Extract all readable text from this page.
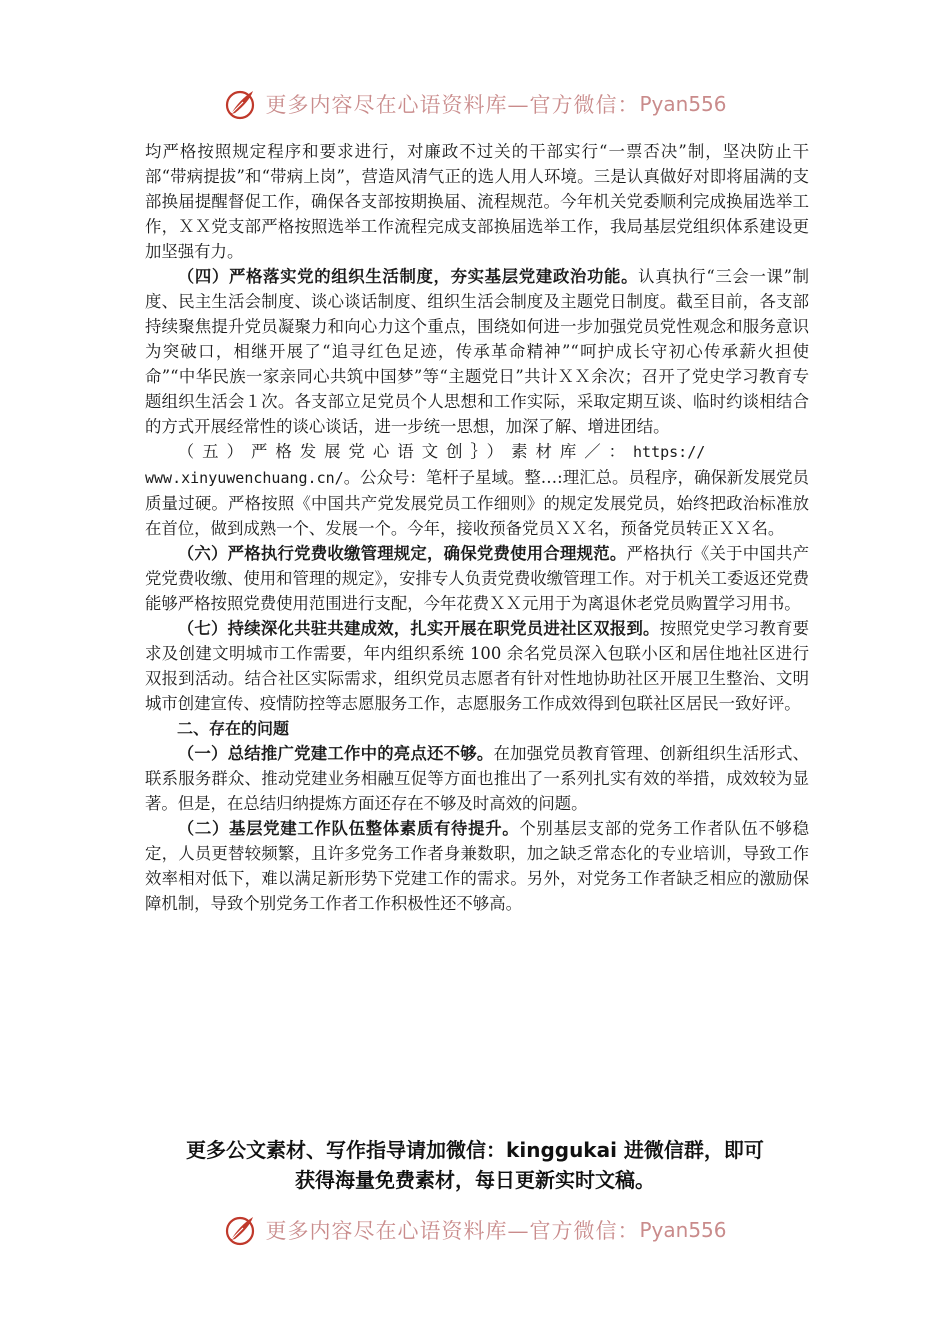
更多内容尽在心语资料库—官方微信： Pyan556

均严格按照规定程序和要求进行，对廉政不过关的干部实行“一票否决”制，坚决防止干部“带病提拔”和“带病上岗”，营造风清气正的选人用人环境。三是认真做好对即将届满的支部换届提醒督促工作，确保各支部按期换届、流程规范。今年机关党委顺利完成换届选举工作，ＸＸ党支部严格按照选举工作流程完成支部换届选举工作，我局基层党组织体系建设更加坚强有力。

（四）严格落实党的组织生活制度，夯实基层党建政治功能。认真执行“三会一课”制度、民主生活会制度、谈心谈话制度、组织生活会制度及主题党日制度。截至目前，各支部持续聚焦提升党员凝聚力和向心力这个重点，围绕如何进一步加强党员党性观念和服务意识为突破口，相继开展了“追寻红色足迹，传承革命精神”“呵护成长守初心传承薪火担使命”“中华民族一家亲同心共筑中国梦”等“主题党日”共计ＸＸ余次；召开了党史学习教育专题组织生活会１次。各支部立足党员个人思想和工作实际，采取定期互谈、临时约谈相结合的方式开展经常性的谈心谈话，进一步统一思想，加深了解、增进团结。

（五）严格发展党心语文创｝）素材库／：https://
www.xinyuwenchuang.cn/。公众号：笔杆子星域。整…:理汇总。员程序，确保新发展党员质量过硬。严格按照《中国共产党发展党员工作细则》的规定发展党员，始终把政治标准放在首位，做到成熟一个、发展一个。今年，接收预备党员ＸＸ名，预备党员转正ＸＸ名。

（六）严格执行党费收缴管理规定，确保党费使用合理规范。严格执行《关于中国共产党党费收缴、使用和管理的规定》，安排专人负责党费收缴管理工作。对于机关工委返还党费能够严格按照党费使用范围进行支配，今年花费ＸＸ元用于为离退休老党员购置学习用书。

（七）持续深化共驻共建成效，扎实开展在职党员进社区双报到。按照党史学习教育要求及创建文明城市工作需要，年内组织系统 100 余名党员深入包联小区和居住地社区进行双报到活动。结合社区实际需求，组织党员志愿者有针对性地协助社区开展卫生整治、文明城市创建宣传、疫情防控等志愿服务工作，志愿服务工作成效得到包联社区居民一致好评。

二、存在的问题

（一）总结推广党建工作中的亮点还不够。在加强党员教育管理、创新组织生活形式、联系服务群众、推动党建业务相融互促等方面也推出了一系列扎实有效的举措，成效较为显著。但是，在总结归纳提炼方面还存在不够及时高效的问题。

（二）基层党建工作队伍整体素质有待提升。个别基层支部的党务工作者队伍不够稳定，人员更替较频繁，且许多党务工作者身兼数职，加之缺乏常态化的专业培训，导致工作效率相对低下，难以满足新形势下党建工作的需求。另外，对党务工作者缺乏相应的激励保障机制，导致个别党务工作者工作积极性还不够高。

更多公文素材、写作指导请加微信：kinggukai 进微信群，即可
获得海量免费素材，每日更新实时文稿。
更多内容尽在心语资料库—官方微信： Pyan556
